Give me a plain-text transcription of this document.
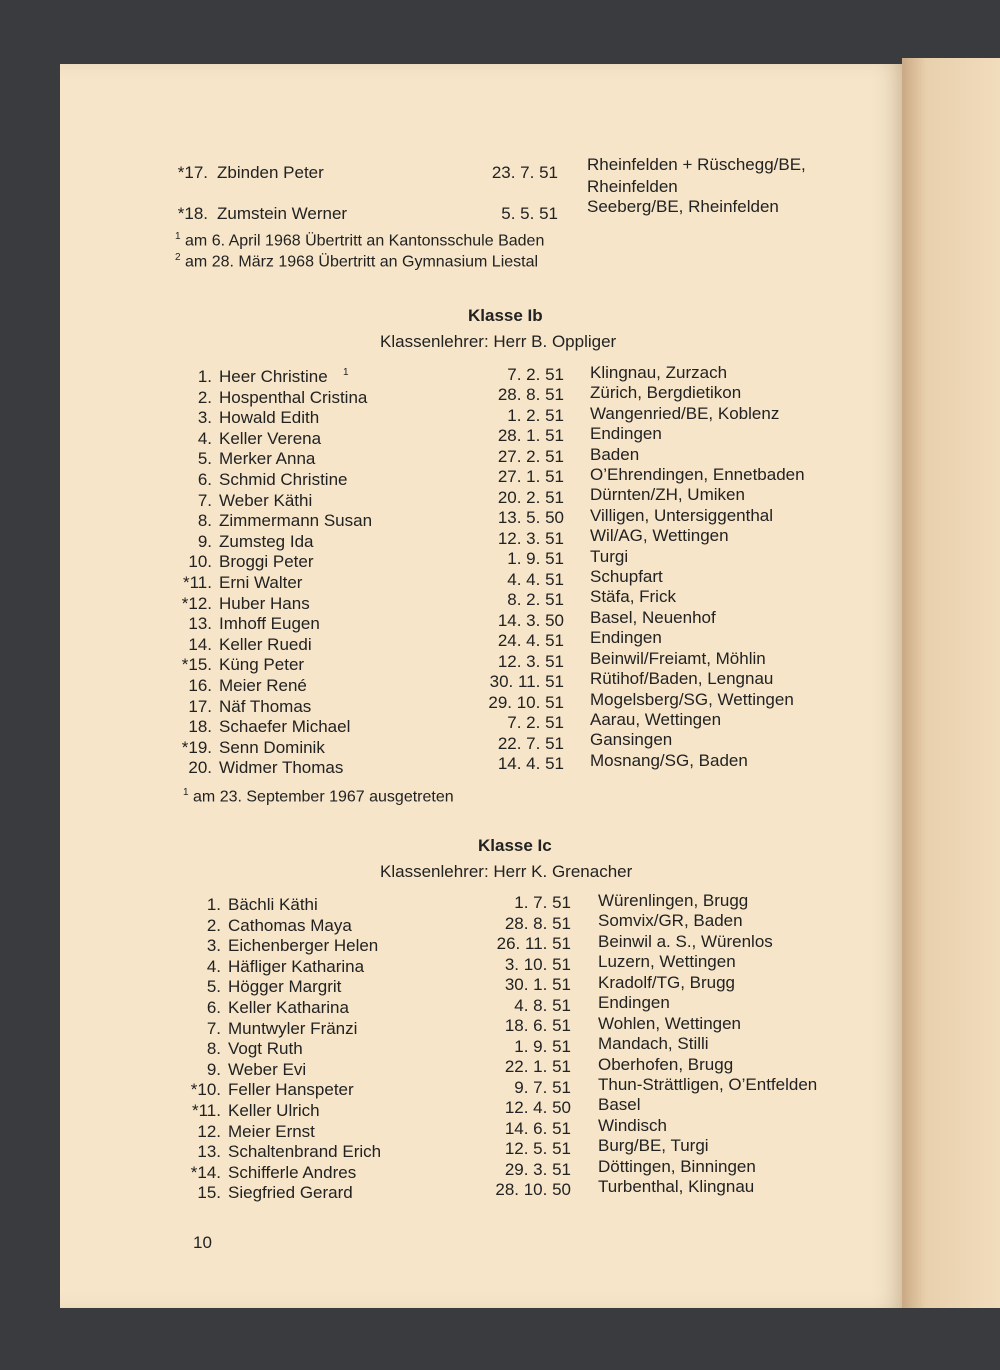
*17. Zbinden Peter	23. 7. 51 Rheinfelden + Rüschegg/BE,
Rheinfelden
*18. Zumstein Werner	5. 5. 51 Seeberg/BE, Rheinfelden
$^1$ am 6. April 1968 Übertritt an Kantonsschule Baden
$^2$ am 28. März 1968 Übertritt an Gymnasium Liestal
Klasse Ib
Klassenlehrer: Herr B. Oppliger
1. Heer Christine 1	7. 2. 51 Klingnau, Zurzach
2. Hospenthal Cristina	28. 8. 51 Zürich, Bergdietikon
3. Howald Edith	1. 2. 51 Wangenried/BE, Koblenz
4. Keller Verena	28. 1. 51 Endingen
5. Merker Anna	27. 2. 51 Baden
6. Schmid Christine	27. 1. 51 O’Ehrendingen, Ennetbaden
7. Weber Käthi	20. 2. 51 Dürnten/ZH, Umiken
8. Zimmermann Susan	13. 5. 50 Villigen, Untersiggenthal
9. Zumsteg Ida	12. 3. 51 Wil/AG, Wettingen
10. Broggi Peter	1. 9. 51 Turgi
*11. Erni Walter	4. 4. 51 Schupfart
*12. Huber Hans	8. 2. 51 Stäfa, Frick
13. Imhoff Eugen	14. 3. 50 Basel, Neuenhof
14. Keller Ruedi	24. 4. 51 Endingen
*15. Küng Peter	12. 3. 51 Beinwil/Freiamt, Möhlin
16. Meier René	30. 11. 51 Rütihof/Baden, Lengnau
17. Näf Thomas	29. 10. 51 Mogelsberg/SG, Wettingen
18. Schaefer Michael	7. 2. 51 Aarau, Wettingen
*19. Senn Dominik	22. 7. 51 Gansingen
20. Widmer Thomas	14. 4. 51 Mosnang/SG, Baden
$^1$ am 23. September 1967 ausgetreten
Klasse Ic
Klassenlehrer: Herr K. Grenacher
1. Bächli Käthi	1. 7. 51 Würenlingen, Brugg
2. Cathomas Maya	28. 8. 51 Somvix/GR, Baden
3. Eichenberger Helen	26. 11. 51 Beinwil a. S., Würenlos
4. Häfliger Katharina	3. 10. 51 Luzern, Wettingen
5. Högger Margrit	30. 1. 51 Kradolf/TG, Brugg
6. Keller Katharina	4. 8. 51 Endingen
7. Muntwyler Fränzi	18. 6. 51 Wohlen, Wettingen
8. Vogt Ruth	1. 9. 51 Mandach, Stilli
9. Weber Evi	22. 1. 51 Oberhofen, Brugg
*10. Feller Hanspeter	9. 7. 51 Thun-Strättligen, O’Entfelden
*11. Keller Ulrich	12. 4. 50 Basel
12. Meier Ernst	14. 6. 51 Windisch
13. Schaltenbrand Erich	12. 5. 51 Burg/BE, Turgi
*14. Schifferle Andres	29. 3. 51 Döttingen, Binningen
15. Siegfried Gerard	28. 10. 50 Turbenthal, Klingnau
10
